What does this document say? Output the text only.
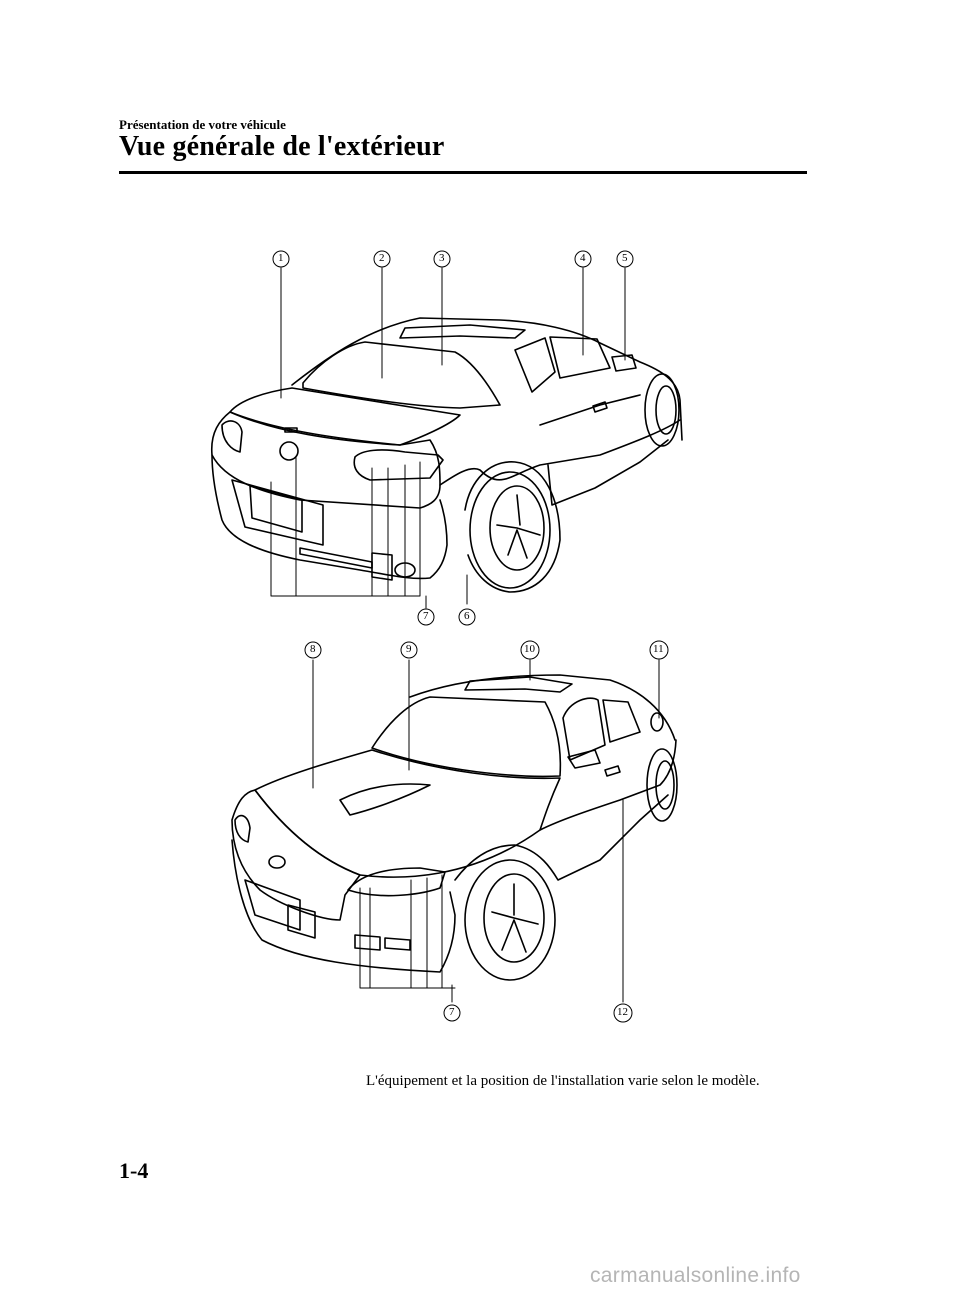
Présentation de votre véhicule
Vue générale de l'extérieur
1	2	3	4	5
6
7
8	9	10	11
7	12
L'équipement et la position de l'installation varie selon le modèle.
1-4
carmanualsonline.info
